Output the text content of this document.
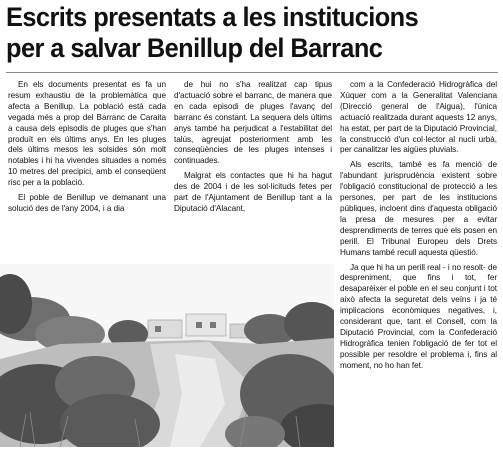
Escrits presentats a les institucions
per a salvar Benillup del Barranc

En els documents presentat es fa un resum exhaustiu de la problemàtica que afecta a Benillup. La població està cada vegada més a prop del Barranc de Caraita a causa dels episodis de pluges que s'han produït en els últims anys. En les pluges dels últims mesos les solsides són molt notables i hi ha vivendes situades a només 10 metres del precipici, amb el conseqüent risc per a la població.

El poble de Benillup ve demanant una solució des de l'any 2004, i a dia

de hui no s'ha realitzat cap tipus d'actuació sobre el barranc, de manera que en cada episodi de pluges l'avanç del barranc és constant. La sequera dels últims anys també ha perjudicat a l'estabilitat del talús, agreujat posteriorment amb les conseqüències de les pluges intenses i continuades.

Malgrat els contactes que hi ha hagut des de 2004 i de les sol·licituds fetes per part de l'Ajuntament de Benillup tant a la Diputació d'Alacant,

com a la Confederació Hidrogràfica del Xúquer com a la Generalitat Valenciana (Direcció general de l'Aigua), l'única actuació realitzada durant aquests 12 anys, ha estat, per part de la Diputació Provincial, la construcció d'un col·lector al nucli urbà, per canalitzar les aigües pluvials.

Als escrits, també es fa menció de l'abundant jurisprudència existent sobre l'obligació constitucional de protecció a les persones, per part de les institucions públiques, incloent dins d'aquesta obligació la presa de mesures per a evitar desprendiments de terres que els posen en perill. El Tribunal Europeu dels Drets Humans també recull aquesta qüestió.

Ja que hi ha un perill real - i no resolt- de despreniment, que fins i tot, fer desaparèixer el poble en el seu conjunt i tot això afecta la seguretat dels veïns i ja té implicacions econòmiques negatives, i, considerant que, tant el Consell, com la Diputació Provincial, com la Confederació Hidrogràfica tenien l'obligació de fer tot el possible per resoldre el problema i, fins al moment, no ho han fet.
